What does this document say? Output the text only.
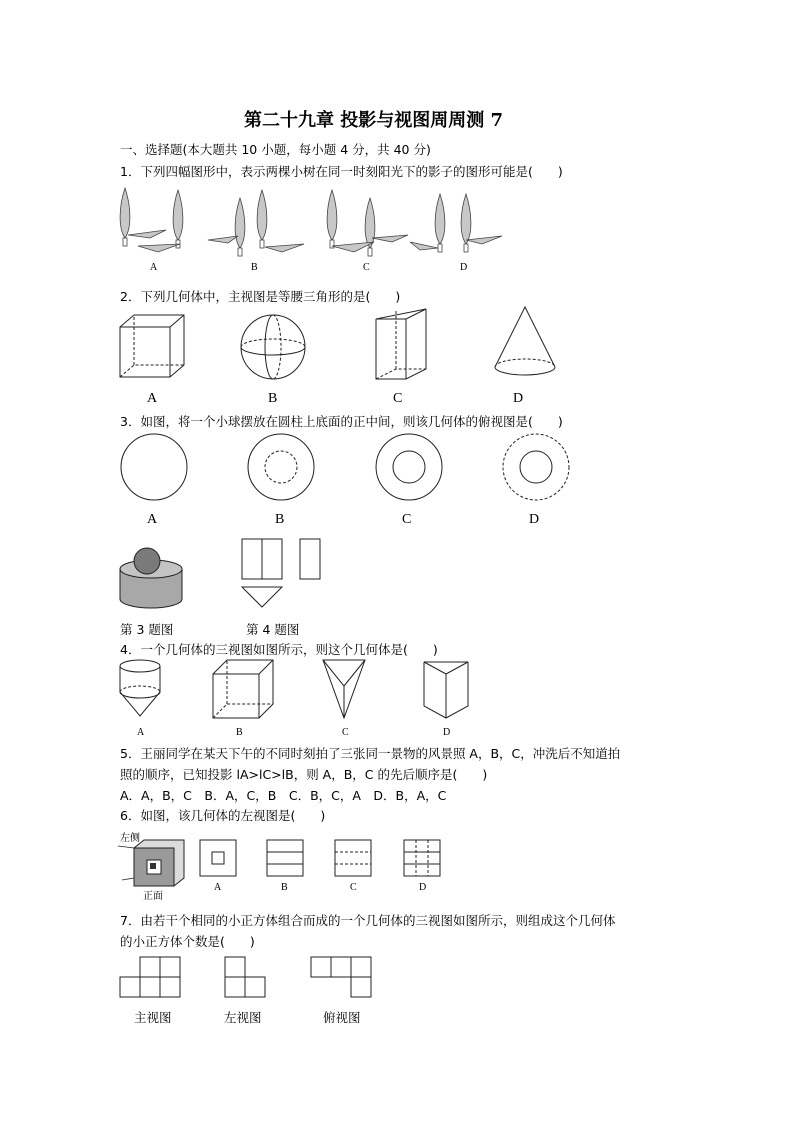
第二十九章 投影与视图周周测 7
一、选择题(本大题共 10 小题，每小题 4 分，共 40 分)
1．下列四幅图形中，表示两棵小树在同一时刻阳光下的影子的图形可能是(　　)
A	B	C	D
2．下列几何体中，主视图是等腰三角形的是(　　)
A	B	C	D
3．如图，将一个小球摆放在圆柱上底面的正中间，则该几何体的俯视图是(　　)
A	B	C	D
第 3 题图	第 4 题图
4．一个几何体的三视图如图所示，则这个几何体是(　　)
A	B	C	D
5．王丽同学在某天下午的不同时刻拍了三张同一景物的风景照 A，B，C，冲洗后不知道拍
照的顺序，已知投影 lA>lC>lB，则 A，B，C 的先后顺序是(　　)
A．A，B，C　B．A，C，B　C．B，C，A　D．B，A，C
6．如图，该几何体的左视图是(　　)
左侧
正面
A	B	C	D
7．由若干个相同的小正方体组合而成的一个几何体的三视图如图所示，则组成这个几何体
的小正方体个数是(　　)
主视图	左视图	俯视图
